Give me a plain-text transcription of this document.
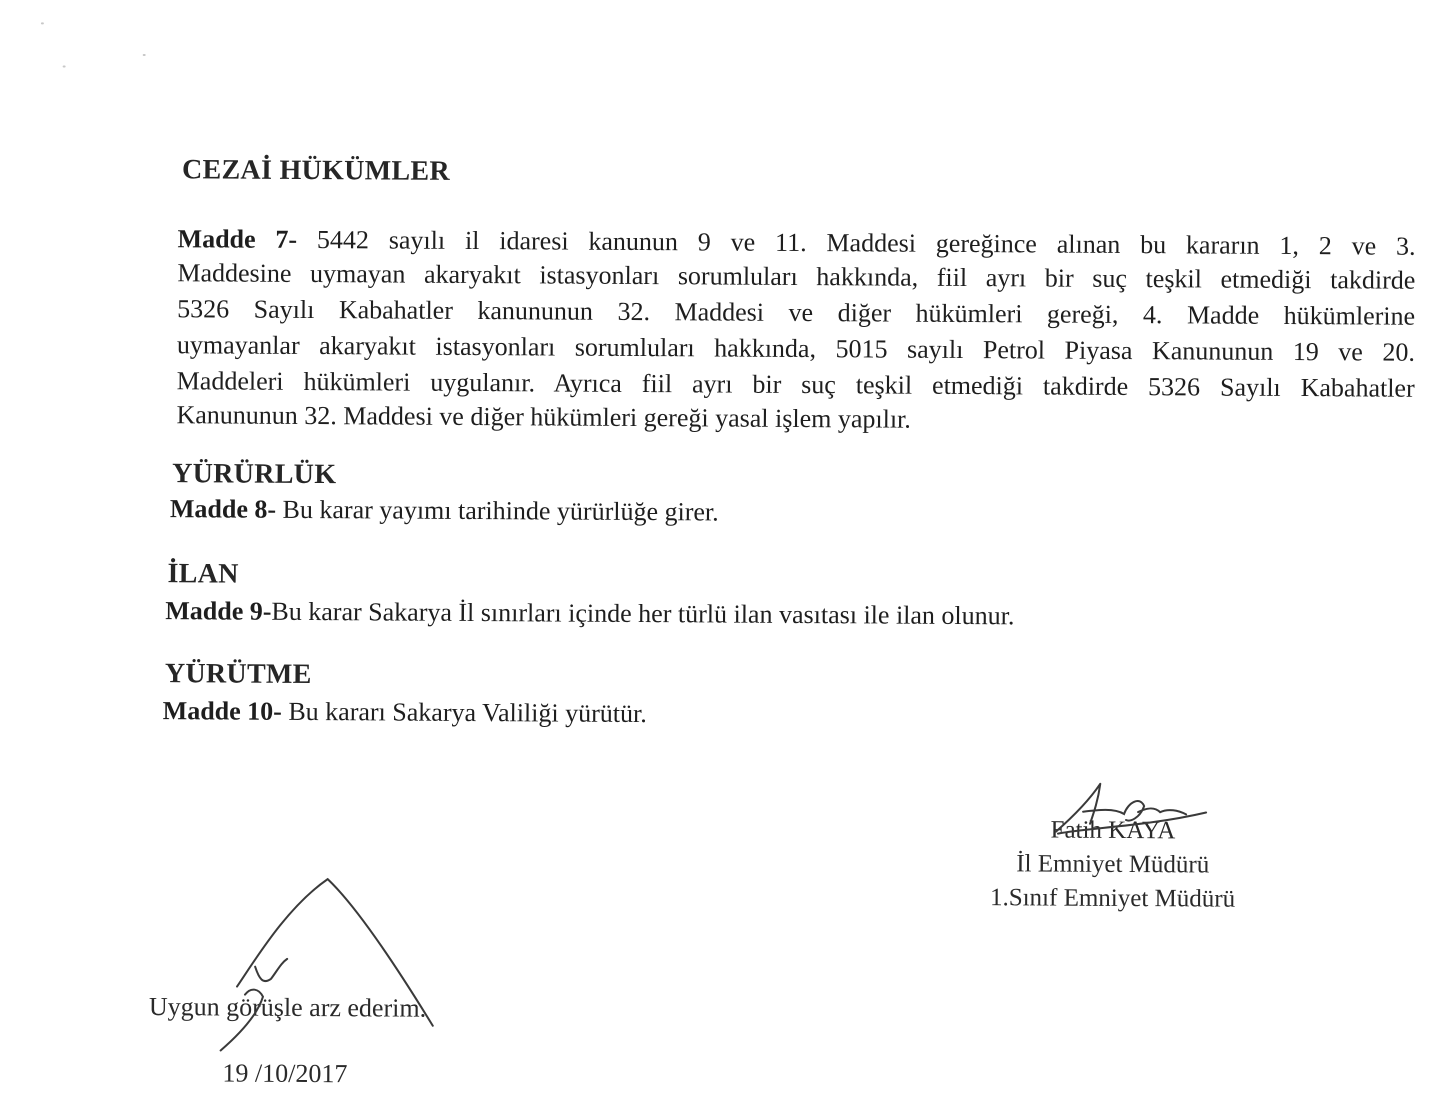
CEZAİ HÜKÜMLER
Madde 7- 5442 sayılı il idaresi kanunun 9 ve 11. Maddesi gereğince alınan bu kararın 1, 2 ve 3.
Maddesine uymayan akaryakıt istasyonları sorumluları hakkında, fiil ayrı bir suç teşkil etmediği takdirde
5326 Sayılı Kabahatler kanununun 32. Maddesi ve diğer hükümleri gereği, 4. Madde hükümlerine
uymayanlar akaryakıt istasyonları sorumluları hakkında, 5015 sayılı Petrol Piyasa Kanununun 19 ve 20.
Maddeleri hükümleri uygulanır. Ayrıca fiil ayrı bir suç teşkil etmediği takdirde 5326 Sayılı Kabahatler
Kanununun 32. Maddesi ve diğer hükümleri gereği yasal işlem yapılır.
YÜRÜRLÜK
Madde 8- Bu karar yayımı tarihinde yürürlüğe girer.
İLAN
Madde 9-Bu karar Sakarya İl sınırları içinde her türlü ilan vasıtası ile ilan olunur.
YÜRÜTME
Madde 10- Bu kararı Sakarya Valiliği yürütür.
Fatih KAYA
İl Emniyet Müdürü
1.Sınıf Emniyet Müdürü
Uygun görüşle arz ederim.
19 /10/2017
